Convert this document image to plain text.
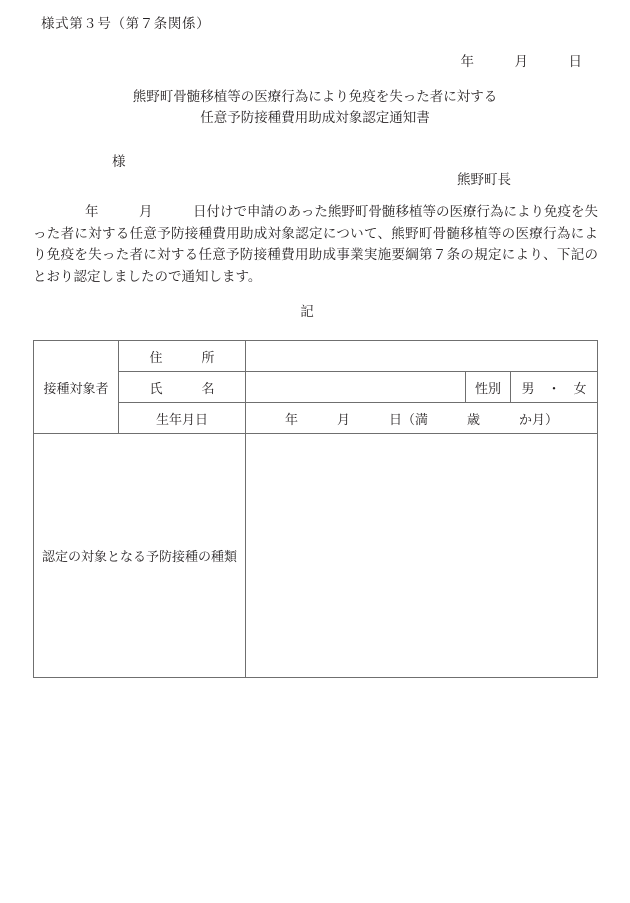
様式第３号（第７条関係）
年　　　月　　　日
熊野町骨髄移植等の医療行為により免疫を失った者に対する
任意予防接種費用助成対象認定通知書
様
熊野町長
年　　　月　　　日付けで申請のあった熊野町骨髄移植等の医療行為により免疫を失った者に対する任意予防接種費用助成対象認定について、熊野町骨髄移植等の医療行為により免疫を失った者に対する任意予防接種費用助成事業実施要綱第７条の規定により、下記のとおり認定しましたので通知します。
記
接種対象者	住　　　所			
	氏　　　名		性別	男　・　女
	生年月日	年　　　月　　　日（満　　　歳　　　か月）		
認定の対象となる予防接種の種類				
